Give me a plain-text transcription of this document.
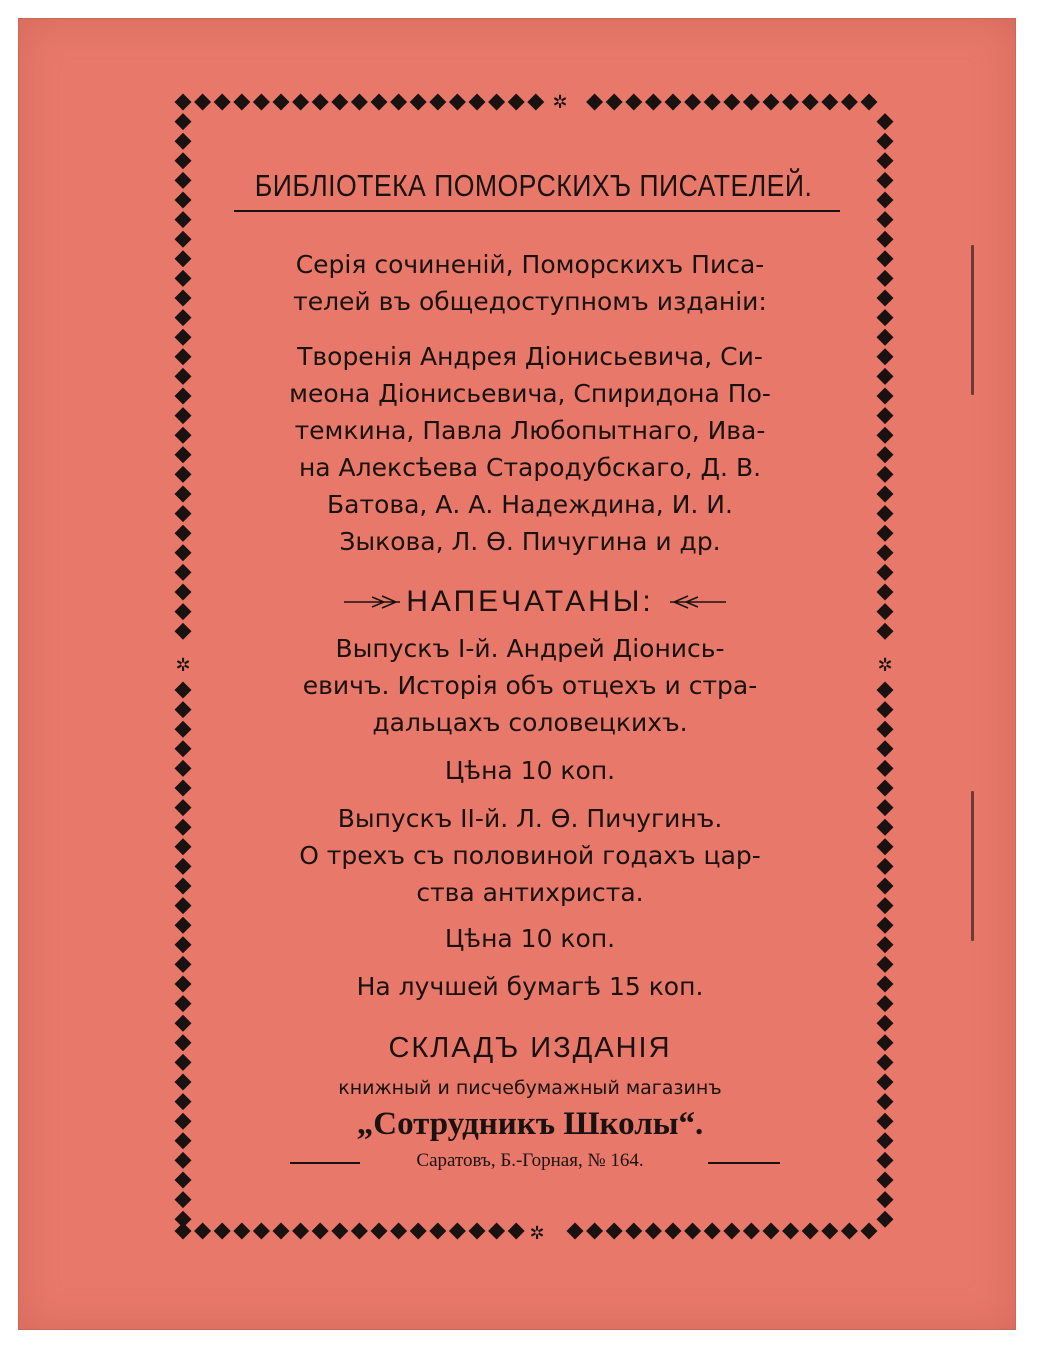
✲
✲
✲	✲
БИБЛIОТЕКА ПОМОРСКИХЪ ПИСАТЕЛЕЙ.
Серiя сочиненiй, Поморскихъ Писа-
телей въ общедоступномъ изданiи:
Творенiя Андрея Дiонисьевича, Си-
меона Дiонисьевича, Спиридона По-
темкина, Павла Любопытнаго, Ива-
на Алексѣева Стародубскаго, Д. В.
Батова, А. А. Надеждина, И. И.
Зыкова, Л. Ѳ. Пичугина и др.
НАПЕЧАТАНЫ:
Выпускъ I-й. Андрей Дiонись-
евичъ. Исторiя объ отцехъ и стра-
дальцахъ соловецкихъ.
Цѣна 10 коп.
Выпускъ II-й. Л. Ѳ. Пичугинъ.
О трехъ съ половиной годахъ цар-
ства антихриста.
Цѣна 10 коп.
На лучшей бумагѣ 15 коп.
СКЛАДЪ ИЗДАНIЯ
книжный и писчебумажный магазинъ
„Сотрудникъ Школы“.
Саратовъ, Б.-Горная, № 164.
